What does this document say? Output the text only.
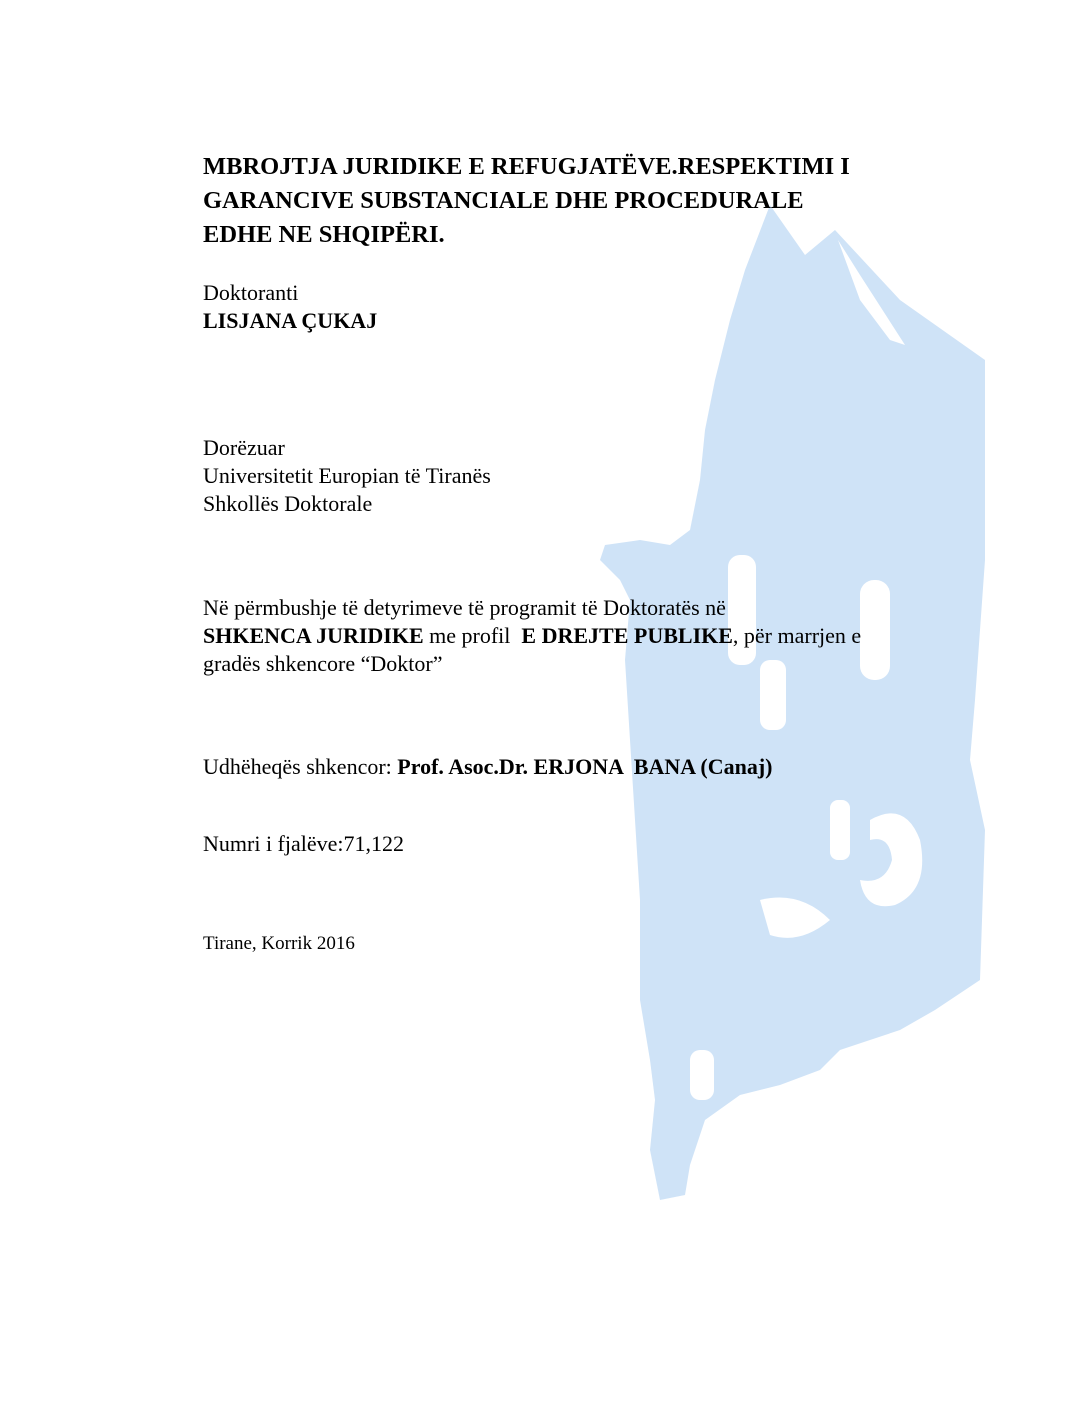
MBROJTJA JURIDIKE E REFUGJATËVE.RESPEKTIMI I
GARANCIVE SUBSTANCIALE DHE PROCEDURALE
EDHE NE SHQIPËRI.
Doktoranti
LISJANA ÇUKAJ
Dorëzuar
Universitetit Europian të Tiranës
Shkollës Doktorale
Në përmbushje të detyrimeve të programit të Doktoratës në
SHKENCA JURIDIKE me profil  E DREJTE PUBLIKE, për marrjen e
gradës shkencore “Doktor”
Udhëheqës shkencor: Prof. Asoc.Dr. ERJONA  BANA (Canaj)
Numri i fjalëve:71,122
Tirane, Korrik 2016
